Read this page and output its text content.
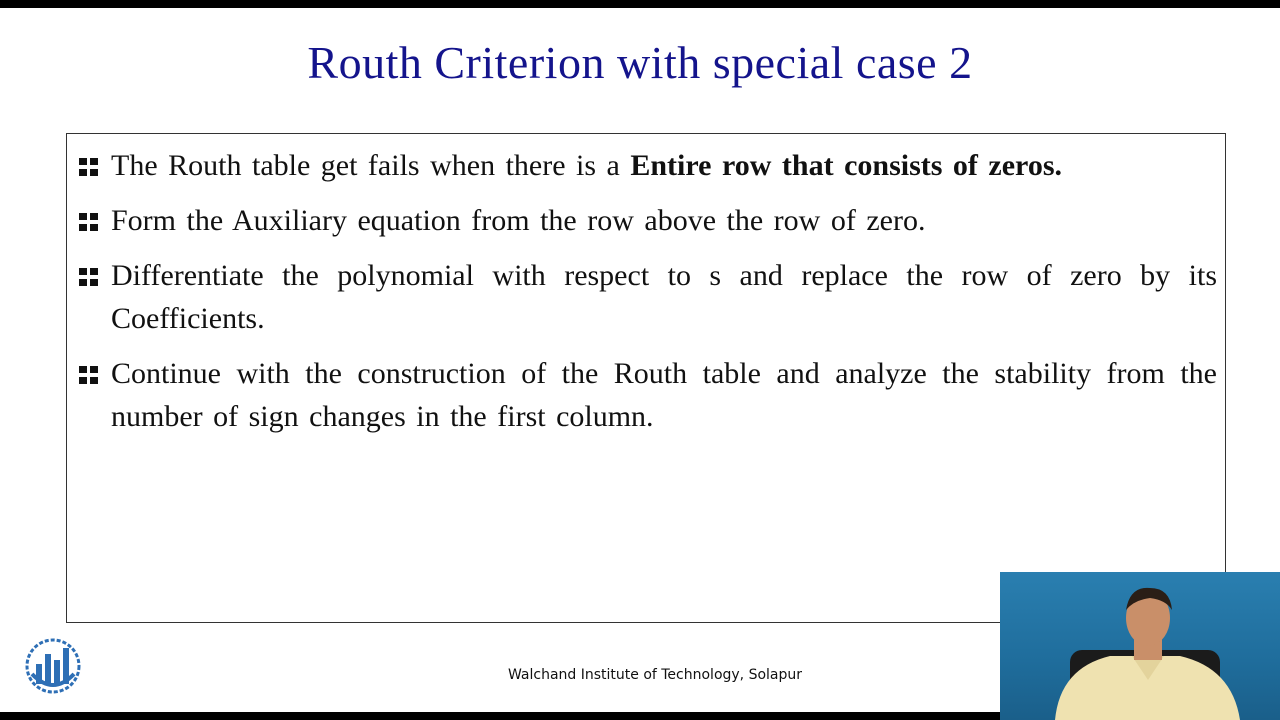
Routh Criterion with special case 2
The Routh table get fails when there is a Entire row that consists of zeros.
Form the Auxiliary equation from the row above the row of zero.
Differentiate the polynomial with respect to s and replace the row of zero by its Coefficients.
Continue with the construction of the Routh table and analyze the stability from the number of sign changes in the first column.
Walchand Institute of Technology, Solapur
